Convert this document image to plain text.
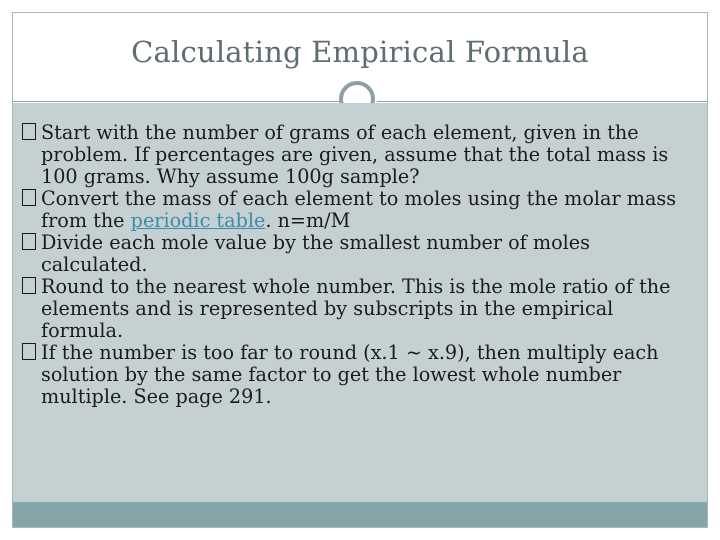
Calculating Empirical Formula
Start with the number of grams of each element, given in the problem. If percentages are given, assume that the total mass is 100 grams. Why assume 100g sample?
Convert the mass of each element to moles using the molar mass from the periodic table. n=m/M
Divide each mole value by the smallest number of moles calculated.
Round to the nearest whole number. This is the mole ratio of the elements and is represented by subscripts in the empirical formula.
If the number is too far to round (x.1 ~ x.9), then multiply each solution by the same factor to get the lowest whole number multiple. See page 291.
